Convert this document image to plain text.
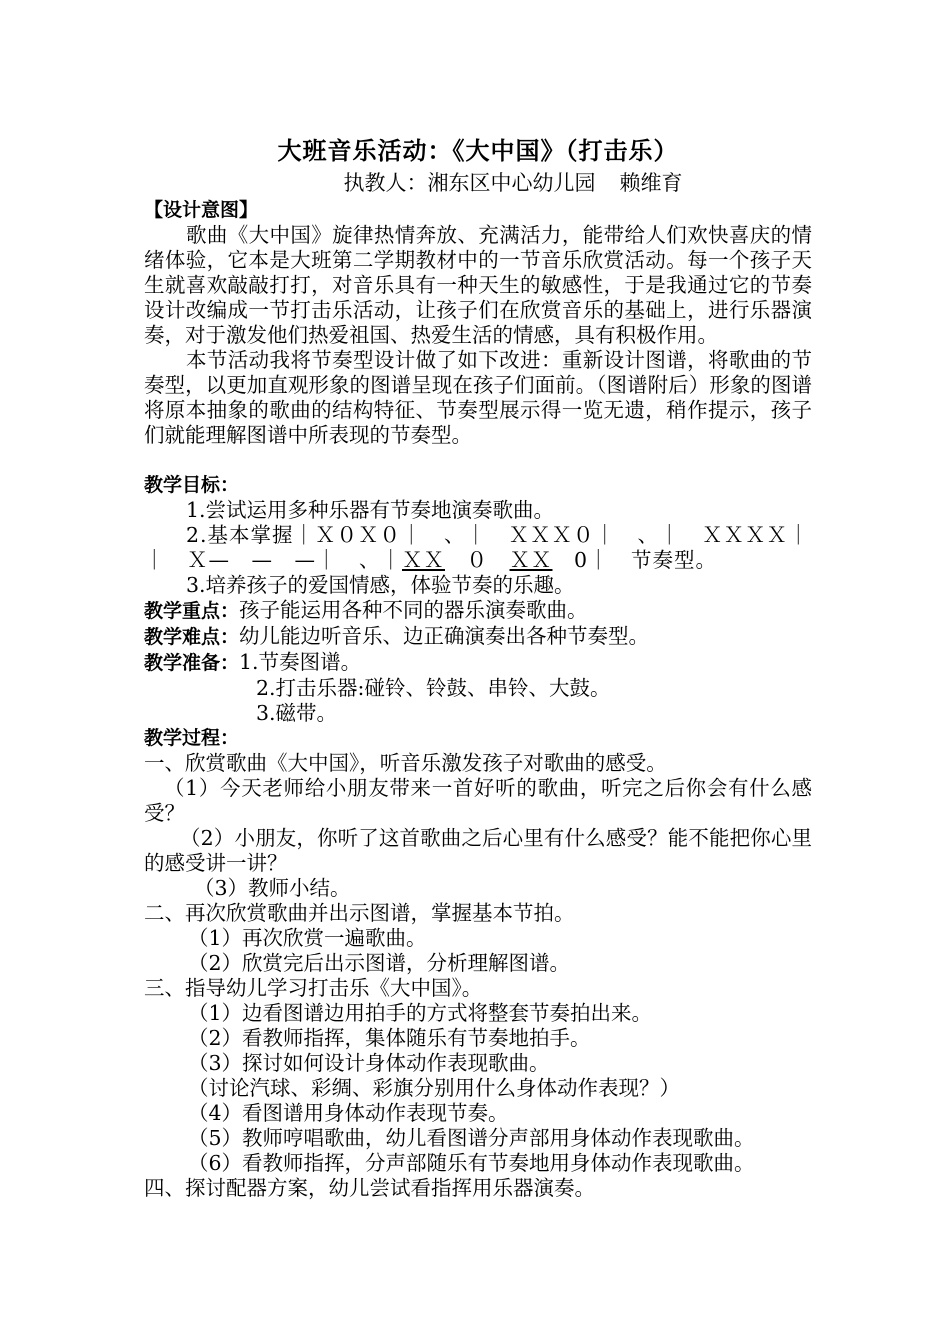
大班音乐活动：《大中国》（打击乐）
执教人：湘东区中心幼儿园 赖维育
【设计意图】

歌曲《大中国》旋律热情奔放、充满活力，能带给人们欢快喜庆的情绪体验，它本是大班第二学期教材中的一节音乐欣赏活动。每一个孩子天生就喜欢敲敲打打，对音乐具有一种天生的敏感性，于是我通过它的节奏设计改编成一节打击乐活动，让孩子们在欣赏音乐的基础上，进行乐器演奏，对于激发他们热爱祖国、热爱生活的情感，具有积极作用。

本节活动我将节奏型设计做了如下改进：重新设计图谱，将歌曲的节奏型，以更加直观形象的图谱呈现在孩子们面前。（图谱附后）形象的图谱将原本抽象的歌曲的结构特征、节奏型展示得一览无遗，稍作提示，孩子们就能理解图谱中所表现的节奏型。

教学目标：

1.尝试运用多种乐器有节奏地演奏歌曲。

2.基本掌握｜Ｘ０Ｘ０｜　、｜　ＸＸＸ０｜　、｜　ＸＸＸＸ｜

｜　Ｘ—　—　—｜　、｜ＸＸ　０　ＸＸ　0｜　 节奏型。

3.培养孩子的爱国情感，体验节奏的乐趣。

教学重点：孩子能运用各种不同的器乐演奏歌曲。

教学难点：幼儿能边听音乐、边正确演奏出各种节奏型。

教学准备：1.节奏图谱。

2.打击乐器:碰铃、铃鼓、串铃、大鼓。

3.磁带。

教学过程：

一、欣赏歌曲《大中国》，听音乐激发孩子对歌曲的感受。

（1）今天老师给小朋友带来一首好听的歌曲，听完之后你会有什么感受？

（2）小朋友，你听了这首歌曲之后心里有什么感受？能不能把你心里的感受讲一讲？

（3）教师小结。

二、再次欣赏歌曲并出示图谱，掌握基本节拍。

（1）再次欣赏一遍歌曲。

（2）欣赏完后出示图谱，分析理解图谱。

三、指导幼儿学习打击乐《大中国》。

（1）边看图谱边用拍手的方式将整套节奏拍出来。

（2）看教师指挥，集体随乐有节奏地拍手。

（3）探讨如何设计身体动作表现歌曲。

（讨论汽球、彩绸、彩旗分别用什么身体动作表现？）

（4）看图谱用身体动作表现节奏。

（5）教师哼唱歌曲，幼儿看图谱分声部用身体动作表现歌曲。

（6）看教师指挥，分声部随乐有节奏地用身体动作表现歌曲。

四、探讨配器方案，幼儿尝试看指挥用乐器演奏。
